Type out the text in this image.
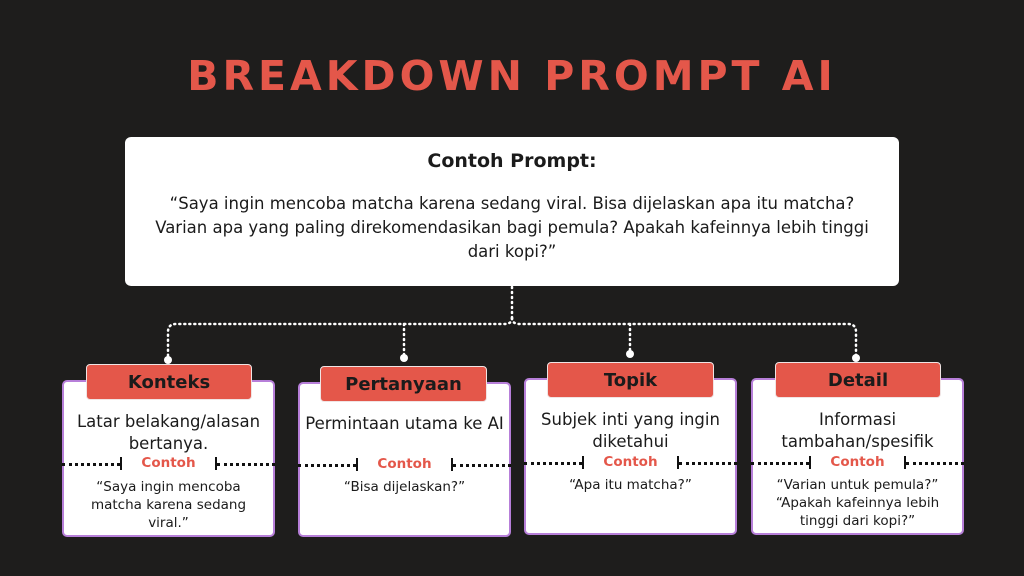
BREAKDOWN PROMPT AI
Contoh Prompt:
“Saya ingin mencoba matcha karena sedang viral. Bisa dijelaskan apa itu matcha? Varian apa yang paling direkomendasikan bagi pemula? Apakah kafeinnya lebih tinggi dari kopi?”
Konteks
Latar belakang/alasan bertanya.
Contoh
“Saya ingin mencoba matcha karena sedang viral.”
Pertanyaan
Permintaan utama ke AI
Contoh
“Bisa dijelaskan?”
Topik
Subjek inti yang ingin diketahui
Contoh
“Apa itu matcha?”
Detail
Informasi tambahan/spesifik
Contoh
“Varian untuk pemula?” “Apakah kafeinnya lebih tinggi dari kopi?”
